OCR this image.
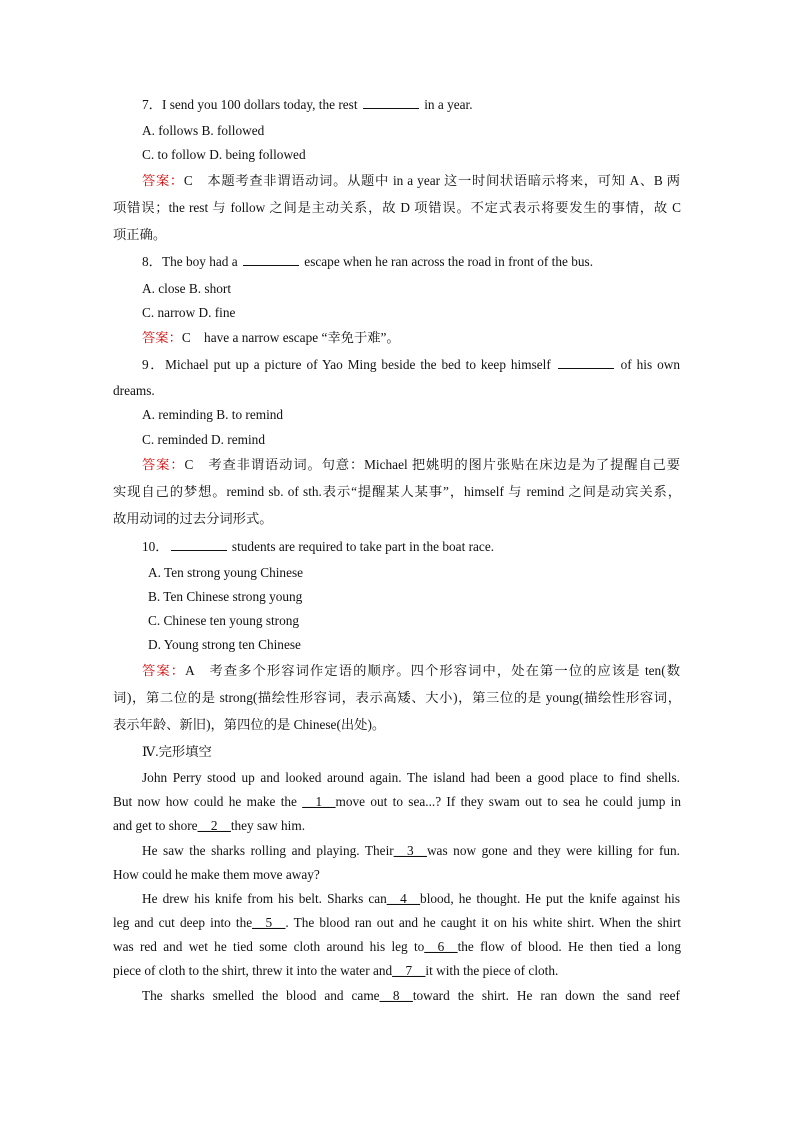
7．I send you 100 dollars today, the rest	in a year.
A. follows B. followed
C. to follow D. being followed
答案：C　本题考查非谓语动词。从题中 in a year 这一时间状语暗示将来，可知 A、B 两
项错误；the rest 与 follow 之间是主动关系，故 D 项错误。不定式表示将要发生的事情，故 C
项正确。
8．The boy had a	escape when he ran across the road in front of the bus.
A. close B. short
C. narrow D. fine
答案：C　have a narrow escape “幸免于难”。
9．Michael put up a picture of Yao Ming beside the bed to keep himself	of his own
dreams.
A. reminding B. to remind
C. reminded D. remind
答案：C　考查非谓语动词。句意：Michael 把姚明的图片张贴在床边是为了提醒自己要
实现自己的梦想。remind sb. of sth.表示“提醒某人某事”，himself 与 remind 之间是动宾关系，
故用动词的过去分词形式。
10．	students are required to take part in the boat race.
A. Ten strong young Chinese
B. Ten Chinese strong young
C. Chinese ten young strong
D. Young strong ten Chinese
答案：A　考查多个形容词作定语的顺序。四个形容词中，处在第一位的应该是 ten(数
词)，第二位的是 strong(描绘性形容词，表示高矮、大小)，第三位的是 young(描绘性形容词，
表示年龄、新旧)，第四位的是 Chinese(出处)。
Ⅳ.完形填空
John Perry stood up and looked around again. The island had been a good place to find shells.
But now how could he make the __1__move out to sea...? If they swam out to sea he could jump in
and get to shore__2__they saw him.
He saw the sharks rolling and playing. Their__3__was now gone and they were killing for fun.
How could he make them move away?
He drew his knife from his belt. Sharks can__4__blood, he thought. He put the knife against his
leg and cut deep into the__5__. The blood ran out and he caught it on his white shirt. When the shirt
was red and wet he tied some cloth around his leg to__6__the flow of blood. He then tied a long
piece of cloth to the shirt, threw it into the water and__7__it with the piece of cloth.
The sharks smelled the blood and came__8__toward the shirt. He ran down the sand reef
